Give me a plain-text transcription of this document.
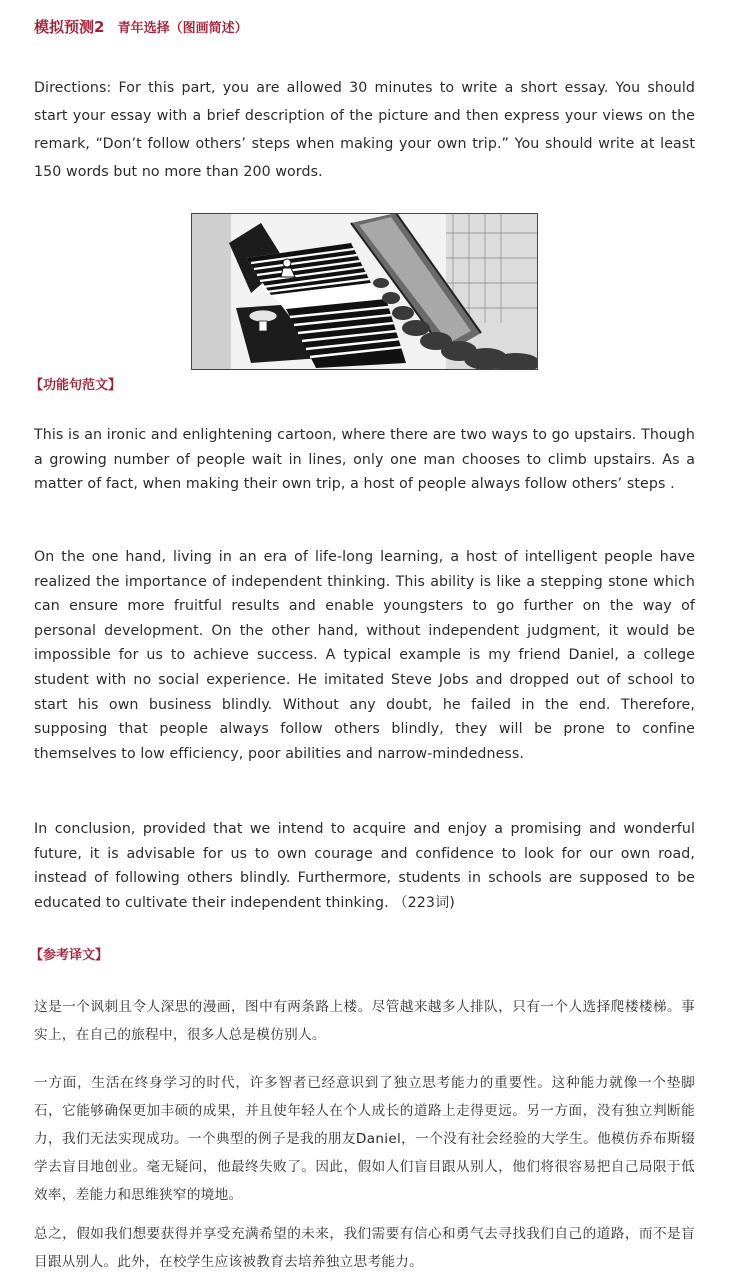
模拟预测2 青年选择（图画简述）

Directions: For this part, you are allowed 30 minutes to write a short essay. You should start your essay with a brief description of the picture and then express your views on the remark, “Don’t follow others’ steps when making your own trip.” You should write at least 150 words but no more than 200 words.

【功能句范文】

This is an ironic and enlightening cartoon, where there are two ways to go upstairs. Though a growing number of people wait in lines, only one man chooses to climb upstairs. As a matter of fact, when making their own trip, a host of people always follow others’ steps .

On the one hand, living in an era of life-long learning, a host of intelligent people have realized the importance of independent thinking. This ability is like a stepping stone which can ensure more fruitful results and enable youngsters to go further on the way of personal development. On the other hand, without independent judgment, it would be impossible for us to achieve success. A typical example is my friend Daniel, a college student with no social experience. He imitated Steve Jobs and dropped out of school to start his own business blindly. Without any doubt, he failed in the end. Therefore, supposing that people always follow others blindly, they will be prone to confine themselves to low efficiency, poor abilities and narrow-mindedness.

In conclusion, provided that we intend to acquire and enjoy a promising and wonderful future, it is advisable for us to own courage and confidence to look for our own road, instead of following others blindly. Furthermore, students in schools are supposed to be educated to cultivate their independent thinking. （223词)

【参考译文】

这是一个讽刺且令人深思的漫画，图中有两条路上楼。尽管越来越多人排队，只有一个人选择爬楼楼梯。事实上，在自己的旅程中，很多人总是模仿别人。

一方面，生活在终身学习的时代，许多智者已经意识到了独立思考能力的重要性。这种能力就像一个垫脚石，它能够确保更加丰硕的成果，并且使年轻人在个人成长的道路上走得更远。另一方面，没有独立判断能力，我们无法实现成功。一个典型的例子是我的朋友Daniel，一个没有社会经验的大学生。他模仿乔布斯辍学去盲目地创业。毫无疑问，他最终失败了。因此，假如人们盲目跟从别人，他们将很容易把自己局限于低效率，差能力和思维狭窄的境地。

总之，假如我们想要获得并享受充满希望的未来，我们需要有信心和勇气去寻找我们自己的道路，而不是盲目跟从别人。此外，在校学生应该被教育去培养独立思考能力。
